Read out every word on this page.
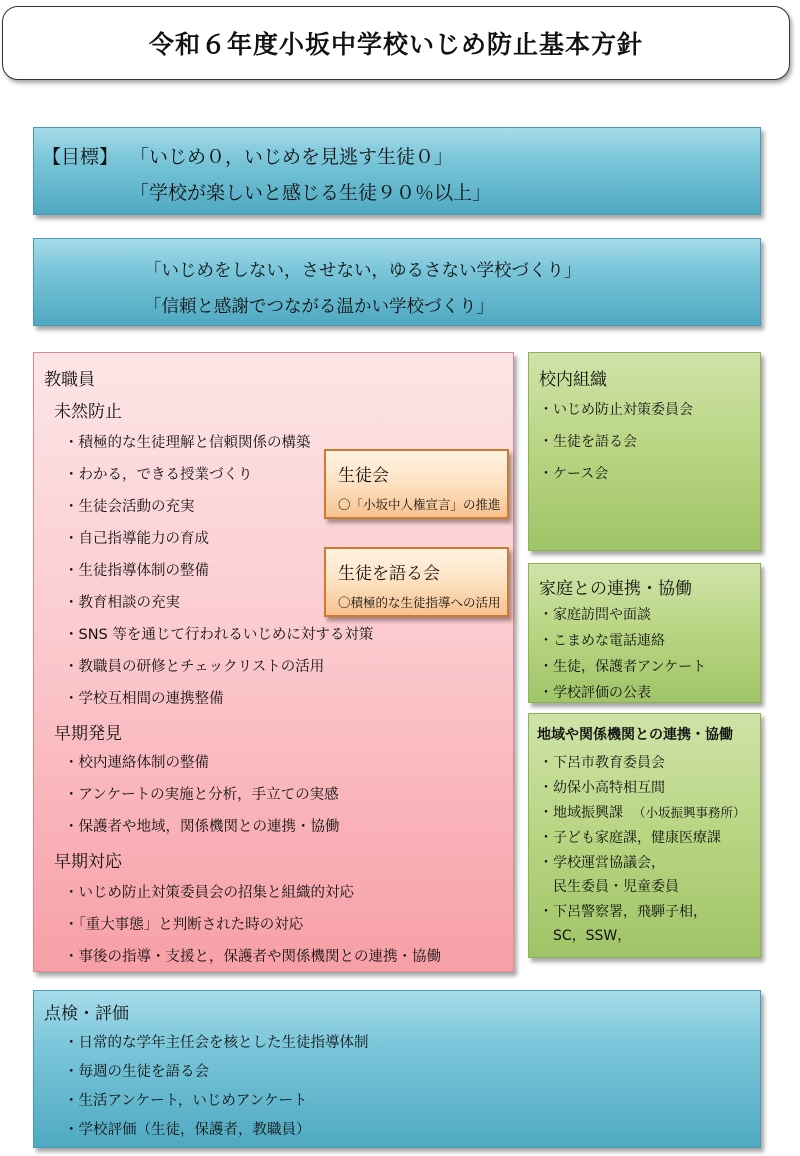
令和６年度小坂中学校いじめ防止基本方針
【目標】 「いじめ０，いじめを見逃す生徒０」
「学校が楽しいと感じる生徒９０％以上」
「いじめをしない，させない，ゆるさない学校づくり」
「信頼と感謝でつながる温かい学校づくり」
教職員
未然防止
・積極的な生徒理解と信頼関係の構築
・わかる，できる授業づくり
・生徒会活動の充実
・自己指導能力の育成
・生徒指導体制の整備
・教育相談の充実
・SNS 等を通じて行われるいじめに対する対策
・教職員の研修とチェックリストの活用
・学校互相間の連携整備
早期発見
・校内連絡体制の整備
・アンケートの実施と分析，手立ての実感
・保護者や地域，関係機関との連携・協働
早期対応
・いじめ防止対策委員会の招集と組織的対応
・「重大事態」と判断された時の対応
・事後の指導・支援と，保護者や関係機関との連携・協働
生徒会
〇「小坂中人権宣言」の推進
生徒を語る会
〇積極的な生徒指導への活用
校内組織
・いじめ防止対策委員会
・生徒を語る会
・ケース会
家庭との連携・協働
・家庭訪問や面談
・こまめな電話連絡
・生徒，保護者アンケート
・学校評価の公表
地域や関係機関との連携・協働
・下呂市教育委員会
・幼保小高特相互間
・地域振興課 （小坂振興事務所）
・子ども家庭課，健康医療課
・学校運営協議会，
民生委員・児童委員
・下呂警察署，飛騨子相，
SC，SSW，
点検・評価
・日常的な学年主任会を核とした生徒指導体制
・毎週の生徒を語る会
・生活アンケート，いじめアンケート
・学校評価（生徒，保護者，教職員）
